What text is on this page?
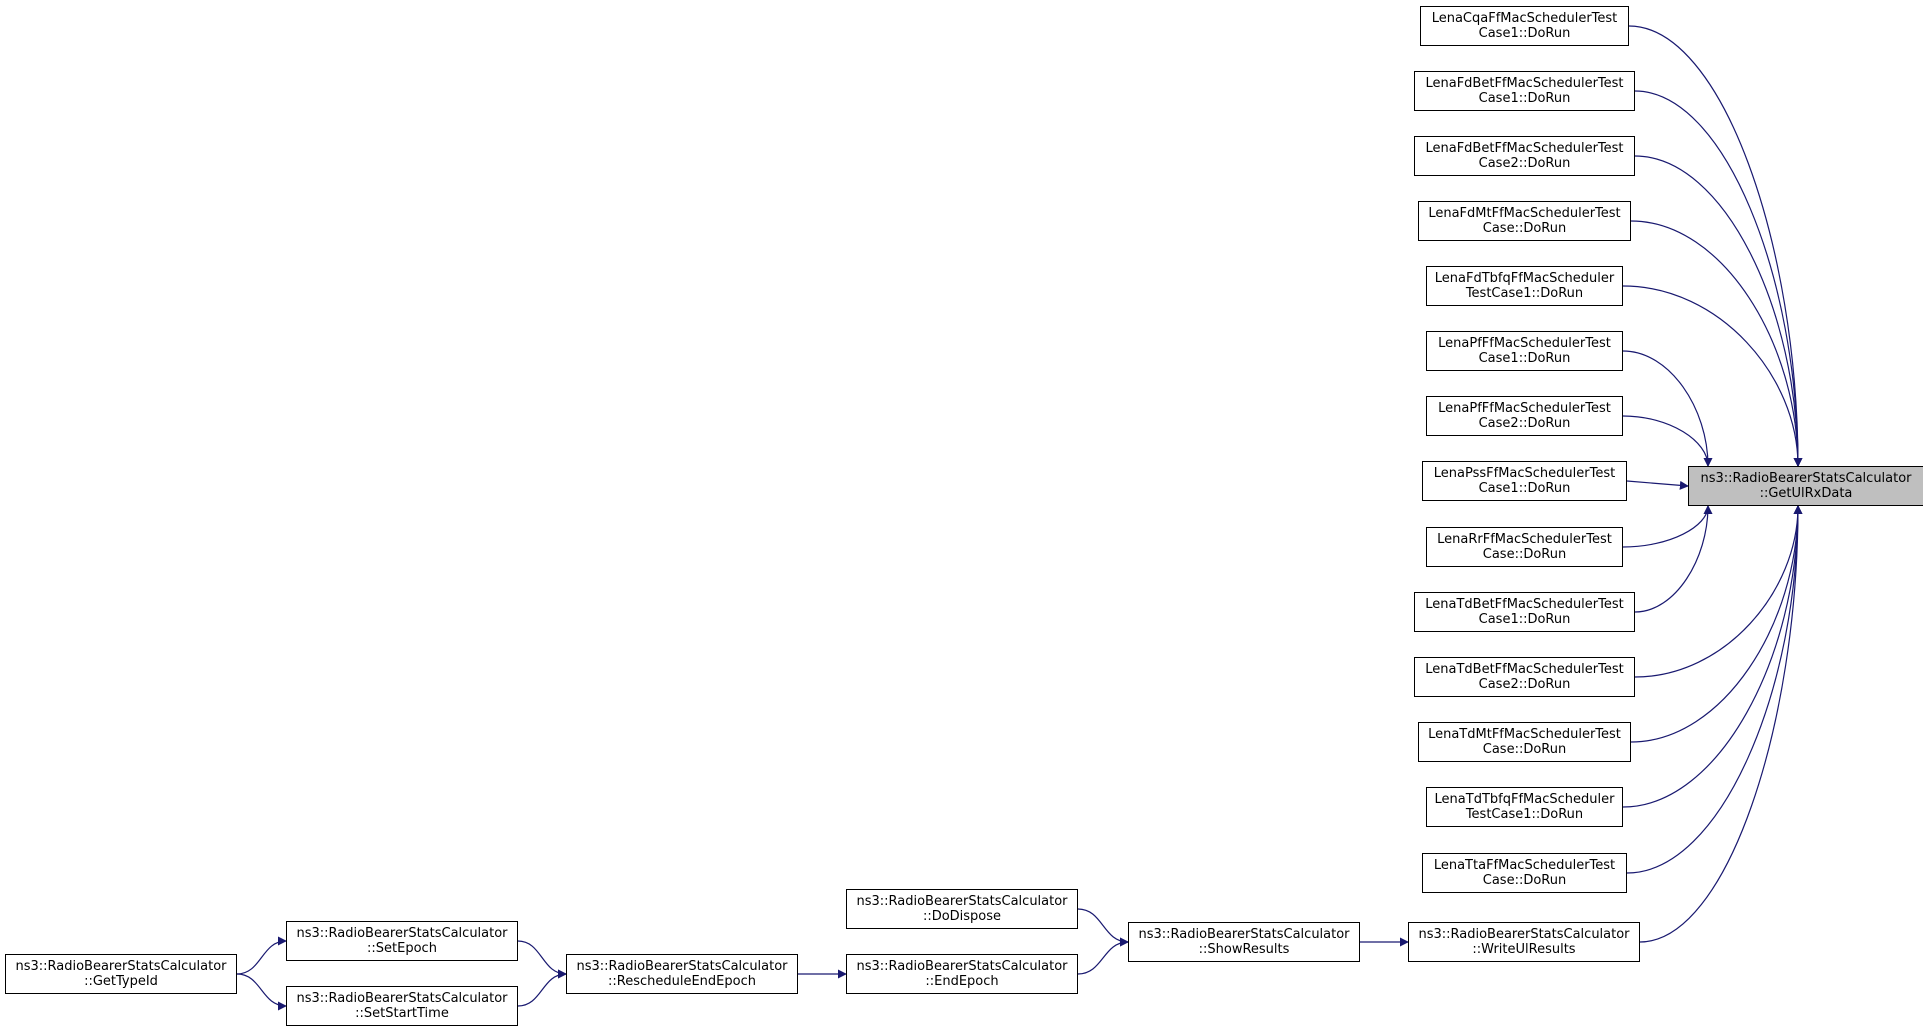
ns3::RadioBearerStatsCalculator
::GetUlRxData
LenaCqaFfMacSchedulerTest
Case1::DoRun
LenaFdBetFfMacSchedulerTest
Case1::DoRun
LenaFdBetFfMacSchedulerTest
Case2::DoRun
LenaFdMtFfMacSchedulerTest
Case::DoRun
LenaFdTbfqFfMacScheduler
TestCase1::DoRun
LenaPfFfMacSchedulerTest
Case1::DoRun
LenaPfFfMacSchedulerTest
Case2::DoRun
LenaPssFfMacSchedulerTest
Case1::DoRun
LenaRrFfMacSchedulerTest
Case::DoRun
LenaTdBetFfMacSchedulerTest
Case1::DoRun
LenaTdBetFfMacSchedulerTest
Case2::DoRun
LenaTdMtFfMacSchedulerTest
Case::DoRun
LenaTdTbfqFfMacScheduler
TestCase1::DoRun
LenaTtaFfMacSchedulerTest
Case::DoRun
ns3::RadioBearerStatsCalculator
::WriteUlResults
ns3::RadioBearerStatsCalculator
::ShowResults
ns3::RadioBearerStatsCalculator
::DoDispose
ns3::RadioBearerStatsCalculator
::EndEpoch
ns3::RadioBearerStatsCalculator
::RescheduleEndEpoch
ns3::RadioBearerStatsCalculator
::SetEpoch
ns3::RadioBearerStatsCalculator
::SetStartTime
ns3::RadioBearerStatsCalculator
::GetTypeId
